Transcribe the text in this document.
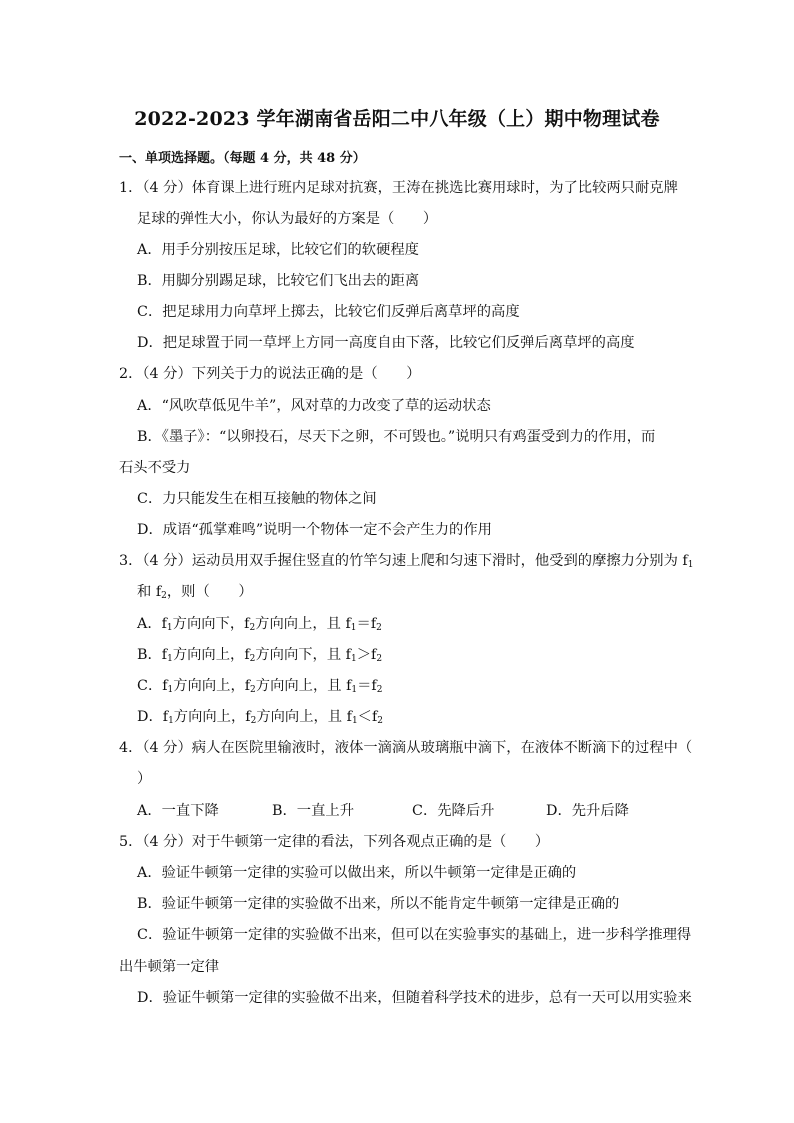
2022-2023 学年湖南省岳阳二中八年级（上）期中物理试卷
一、单项选择题。（每题 4 分，共 48 分）
1．（4 分）体育课上进行班内足球对抗赛，王涛在挑选比赛用球时，为了比较两只耐克牌
足球的弹性大小，你认为最好的方案是（　　）
A．用手分别按压足球，比较它们的软硬程度
B．用脚分别踢足球，比较它们飞出去的距离
C．把足球用力向草坪上掷去，比较它们反弹后离草坪的高度
D．把足球置于同一草坪上方同一高度自由下落，比较它们反弹后离草坪的高度
2．（4 分）下列关于力的说法正确的是（　　）
A．“风吹草低见牛羊”，风对草的力改变了草的运动状态
B．《墨子》：“以卵投石，尽天下之卵，不可毁也。”说明只有鸡蛋受到力的作用，而
石头不受力
C．力只能发生在相互接触的物体之间
D．成语“孤掌难鸣”说明一个物体一定不会产生力的作用
3．（4 分）运动员用双手握住竖直的竹竿匀速上爬和匀速下滑时，他受到的摩擦力分别为 $f_1$
和 $f_2$，则（　　）
A．$f_1$方向向下，$f_2$方向向上，且 $f_1=f_2$
B．$f_1$方向向上，$f_2$方向向下，且 $f_1>f_2$
C．$f_1$方向向上，$f_2$方向向上，且 $f_1=f_2$
D．$f_1$方向向上，$f_2$方向向上，且 $f_1<f_2$
4．（4 分）病人在医院里输液时，液体一滴滴从玻璃瓶中滴下，在液体不断滴下的过程中（
）
A．一直下降	B．一直上升	C．先降后升	D．先升后降
5．（4 分）对于牛顿第一定律的看法，下列各观点正确的是（　　）
A．验证牛顿第一定律的实验可以做出来，所以牛顿第一定律是正确的
B．验证牛顿第一定律的实验做不出来，所以不能肯定牛顿第一定律是正确的
C．验证牛顿第一定律的实验做不出来，但可以在实验事实的基础上，进一步科学推理得
出牛顿第一定律
D．验证牛顿第一定律的实验做不出来，但随着科学技术的进步，总有一天可以用实验来
